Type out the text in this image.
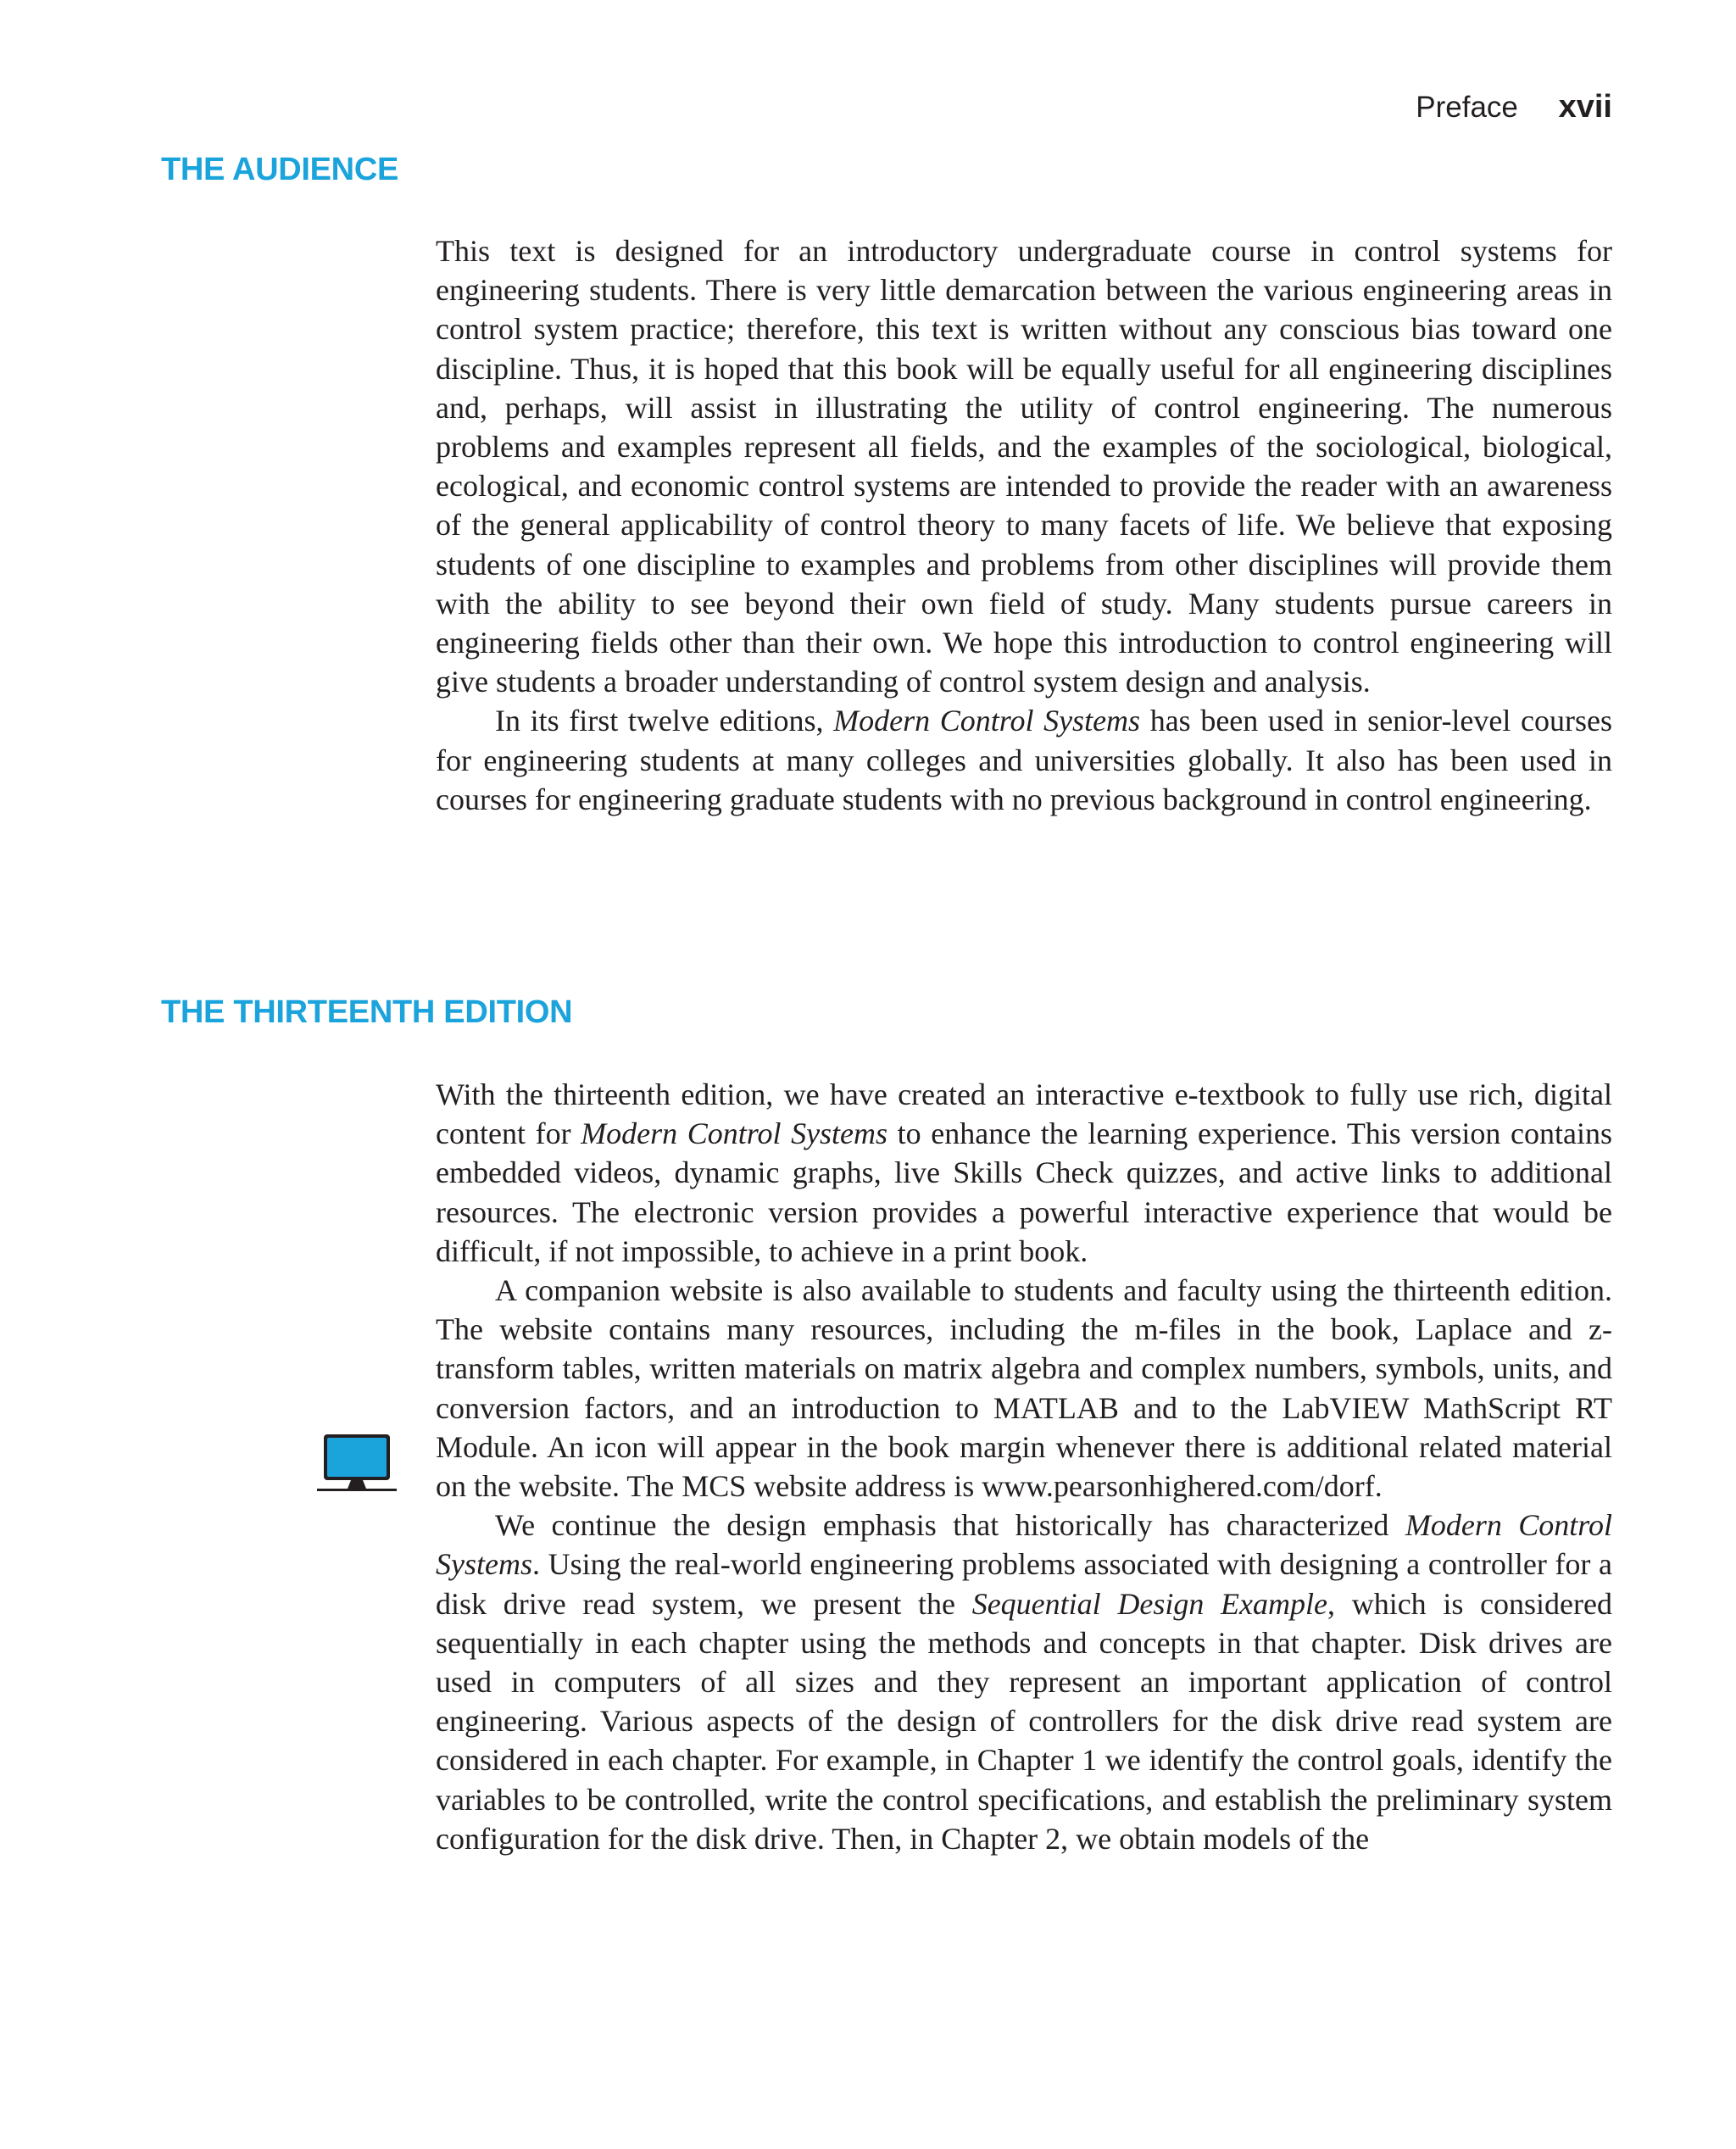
Preface xvii
THE AUDIENCE

This text is designed for an introductory undergraduate course in control systems for engineering students. There is very little demarcation between the various engineering areas in control system practice; therefore, this text is written without any conscious bias toward one discipline. Thus, it is hoped that this book will be equally useful for all engineering disciplines and, perhaps, will assist in illustrating the utility of control engineering. The numerous problems and examples represent all fields, and the examples of the sociological, biological, ecological, and economic control systems are intended to provide the reader with an awareness of the general applicability of control theory to many facets of life. We believe that exposing students of one discipline to examples and problems from other disciplines will provide them with the ability to see beyond their own field of study. Many students pursue careers in engineering fields other than their own. We hope this introduction to control engineering will give students a broader understanding of control system design and analysis.

In its first twelve editions, Modern Control Systems has been used in senior-level courses for engineering students at many colleges and universities globally. It also has been used in courses for engineering graduate students with no previous background in control engineering.

THE THIRTEENTH EDITION

With the thirteenth edition, we have created an interactive e-textbook to fully use rich, digital content for Modern Control Systems to enhance the learning experience. This version contains embedded videos, dynamic graphs, live Skills Check quizzes, and active links to additional resources. The electronic version provides a powerful interactive experience that would be difficult, if not impossible, to achieve in a print book.

A companion website is also available to students and faculty using the thirteenth edition. The website contains many resources, including the m-files in the book, Laplace and z-transform tables, written materials on matrix algebra and complex numbers, symbols, units, and conversion factors, and an introduction to MATLAB and to the LabVIEW MathScript RT Module. An icon will appear in the book margin whenever there is additional related material on the website. The MCS website address is www.pearsonhighered.com/dorf.

We continue the design emphasis that historically has characterized Modern Control Systems. Using the real-world engineering problems associated with designing a controller for a disk drive read system, we present the Sequential Design Example, which is considered sequentially in each chapter using the methods and concepts in that chapter. Disk drives are used in computers of all sizes and they represent an important application of control engineering. Various aspects of the design of controllers for the disk drive read system are considered in each chapter. For example, in Chapter 1 we identify the control goals, identify the variables to be controlled, write the control specifications, and establish the preliminary system configuration for the disk drive. Then, in Chapter 2, we obtain models of the
